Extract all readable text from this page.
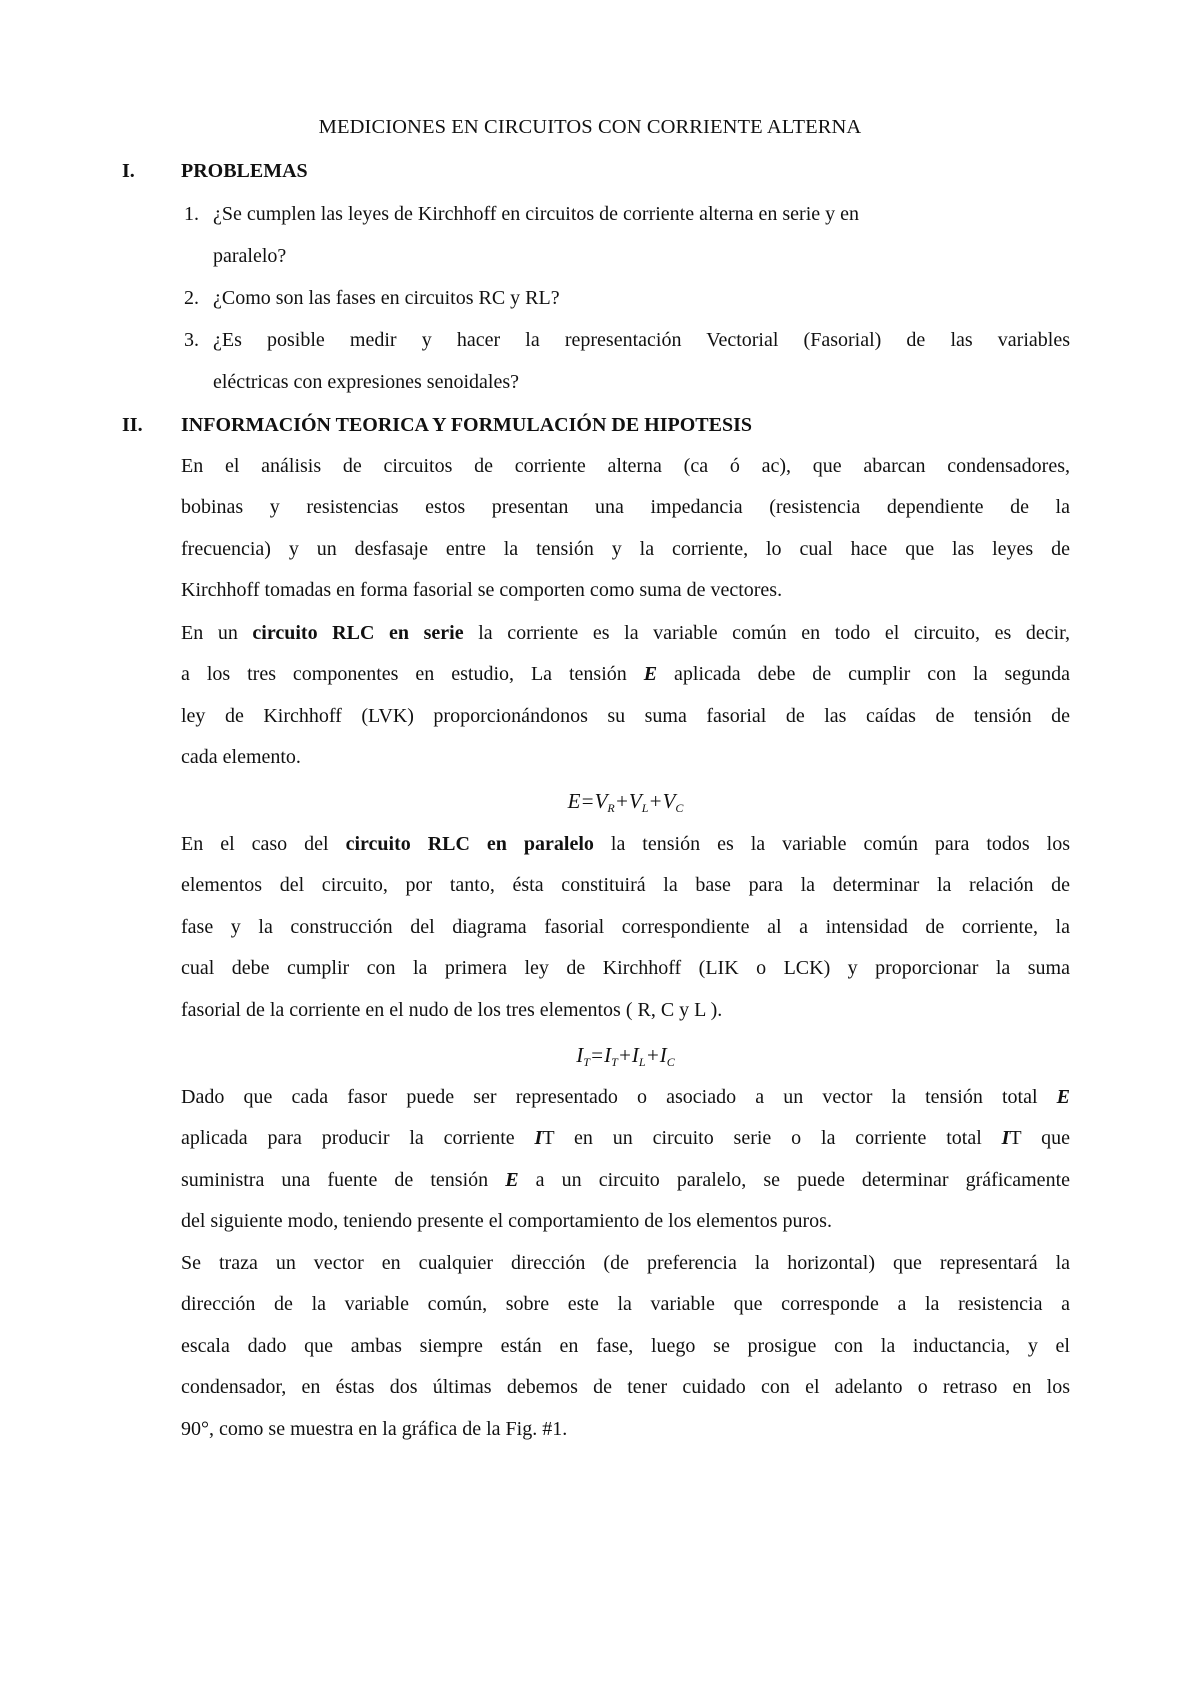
MEDICIONES EN CIRCUITOS CON CORRIENTE ALTERNA
I. PROBLEMAS
1. ¿Se cumplen las leyes de Kirchhoff en circuitos de corriente alterna en serie y en
paralelo?
2. ¿Como son las fases en circuitos RC y RL?
3. ¿Es posible medir y hacer la representación Vectorial (Fasorial) de las variables
eléctricas con expresiones senoidales?
II. INFORMACIÓN TEORICA Y FORMULACIÓN DE HIPOTESIS
En el análisis de circuitos de corriente alterna (ca ó ac), que abarcan condensadores,
bobinas y resistencias estos presentan una impedancia (resistencia dependiente de la
frecuencia) y un desfasaje entre la tensión y la corriente, lo cual hace que las leyes de
Kirchhoff tomadas en forma fasorial se comporten como suma de vectores.
En un circuito RLC en serie la corriente es la variable común en todo el circuito, es decir,
a los tres componentes en estudio, La tensión E aplicada debe de cumplir con la segunda
ley de Kirchhoff (LVK) proporcionándonos su suma fasorial de las caídas de tensión de
cada elemento.
$E=V_R+V_L+V_C$
En el caso del circuito RLC en paralelo la tensión es la variable común para todos los
elementos del circuito, por tanto, ésta constituirá la base para la determinar la relación de
fase y la construcción del diagrama fasorial correspondiente al a intensidad de corriente, la
cual debe cumplir con la primera ley de Kirchhoff (LIK o LCK) y proporcionar la suma
fasorial de la corriente en el nudo de los tres elementos ( R, C y L ).
$I_T=I_T+I_L+I_C$
Dado que cada fasor puede ser representado o asociado a un vector la tensión total E
aplicada para producir la corriente IT en un circuito serie o la corriente total IT que
suministra una fuente de tensión E a un circuito paralelo, se puede determinar gráficamente
del siguiente modo, teniendo presente el comportamiento de los elementos puros.
Se traza un vector en cualquier dirección (de preferencia la horizontal) que representará la
dirección de la variable común, sobre este la variable que corresponde a la resistencia a
escala dado que ambas siempre están en fase, luego se prosigue con la inductancia, y el
condensador, en éstas dos últimas debemos de tener cuidado con el adelanto o retraso en los
90°, como se muestra en la gráfica de la Fig. #1.
